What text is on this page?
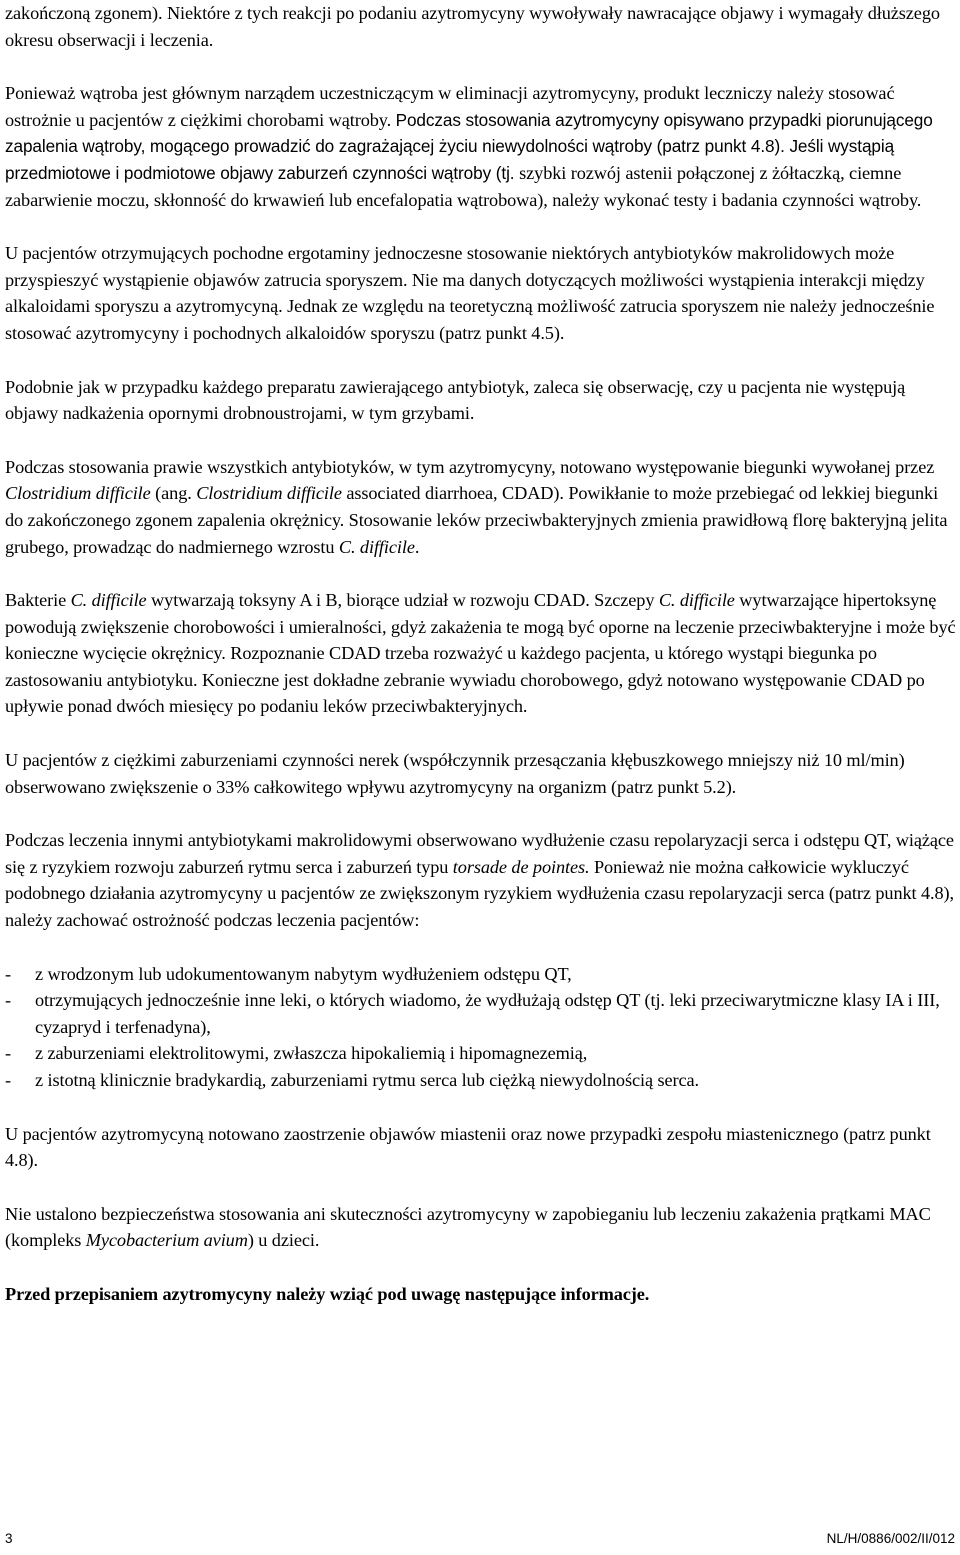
zakończoną zgonem). Niektóre z tych reakcji po podaniu azytromycyny wywoływały nawracające objawy i wymagały dłuższego okresu obserwacji i leczenia.

Ponieważ wątroba jest głównym narządem uczestniczącym w eliminacji azytromycyny, produkt leczniczy należy stosować ostrożnie u pacjentów z ciężkimi chorobami wątroby. Podczas stosowania azytromycyny opisywano przypadki piorunującego zapalenia wątroby, mogącego prowadzić do zagrażającej życiu niewydolności wątroby (patrz punkt 4.8). Jeśli wystąpią przedmiotowe i podmiotowe objawy zaburzeń czynności wątroby (tj. szybki rozwój astenii połączonej z żółtaczką, ciemne zabarwienie moczu, skłonność do krwawień lub encefalopatia wątrobowa), należy wykonać testy i badania czynności wątroby.

U pacjentów otrzymujących pochodne ergotaminy jednoczesne stosowanie niektórych antybiotyków makrolidowych może przyspieszyć wystąpienie objawów zatrucia sporyszem. Nie ma danych dotyczących możliwości wystąpienia interakcji między alkaloidami sporyszu a azytromycyną. Jednak ze względu na teoretyczną możliwość zatrucia sporyszem nie należy jednocześnie stosować azytromycyny i pochodnych alkaloidów sporyszu (patrz punkt 4.5).

Podobnie jak w przypadku każdego preparatu zawierającego antybiotyk, zaleca się obserwację, czy u pacjenta nie występują objawy nadkażenia opornymi drobnoustrojami, w tym grzybami.

Podczas stosowania prawie wszystkich antybiotyków, w tym azytromycyny, notowano występowanie biegunki wywołanej przez Clostridium difficile (ang. Clostridium difficile associated diarrhoea, CDAD). Powikłanie to może przebiegać od lekkiej biegunki do zakończonego zgonem zapalenia okrężnicy. Stosowanie leków przeciwbakteryjnych zmienia prawidłową florę bakteryjną jelita grubego, prowadząc do nadmiernego wzrostu C. difficile.

Bakterie C. difficile wytwarzają toksyny A i B, biorące udział w rozwoju CDAD. Szczepy C. difficile wytwarzające hipertoksynę powodują zwiększenie chorobowości i umieralności, gdyż zakażenia te mogą być oporne na leczenie przeciwbakteryjne i może być konieczne wycięcie okrężnicy. Rozpoznanie CDAD trzeba rozważyć u każdego pacjenta, u którego wystąpi biegunka po zastosowaniu antybiotyku. Konieczne jest dokładne zebranie wywiadu chorobowego, gdyż notowano występowanie CDAD po upływie ponad dwóch miesięcy po podaniu leków przeciwbakteryjnych.

U pacjentów z ciężkimi zaburzeniami czynności nerek (współczynnik przesączania kłębuszkowego mniejszy niż 10 ml/min) obserwowano zwiększenie o 33% całkowitego wpływu azytromycyny na organizm (patrz punkt 5.2).

Podczas leczenia innymi antybiotykami makrolidowymi obserwowano wydłużenie czasu repolaryzacji serca i odstępu QT, wiążące się z ryzykiem rozwoju zaburzeń rytmu serca i zaburzeń typu torsade de pointes. Ponieważ nie można całkowicie wykluczyć podobnego działania azytromycyny u pacjentów ze zwiększonym ryzykiem wydłużenia czasu repolaryzacji serca (patrz punkt 4.8), należy zachować ostrożność podczas leczenia pacjentów:

- z wrodzonym lub udokumentowanym nabytym wydłużeniem odstępu QT,
- otrzymujących jednocześnie inne leki, o których wiadomo, że wydłużają odstęp QT (tj. leki przeciwarytmiczne klasy IA i III, cyzapryd i terfenadyna),
- z zaburzeniami elektrolitowymi, zwłaszcza hipokaliemią i hipomagnezemią,
- z istotną klinicznie bradykardią, zaburzeniami rytmu serca lub ciężką niewydolnością serca.

U pacjentów azytromycyną notowano zaostrzenie objawów miastenii oraz nowe przypadki zespołu miastenicznego (patrz punkt 4.8).

Nie ustalono bezpieczeństwa stosowania ani skuteczności azytromycyny w zapobieganiu lub leczeniu zakażenia prątkami MAC (kompleks Mycobacterium avium) u dzieci.

Przed przepisaniem azytromycyny należy wziąć pod uwagę następujące informacje.

3	NL/H/0886/002/II/012
